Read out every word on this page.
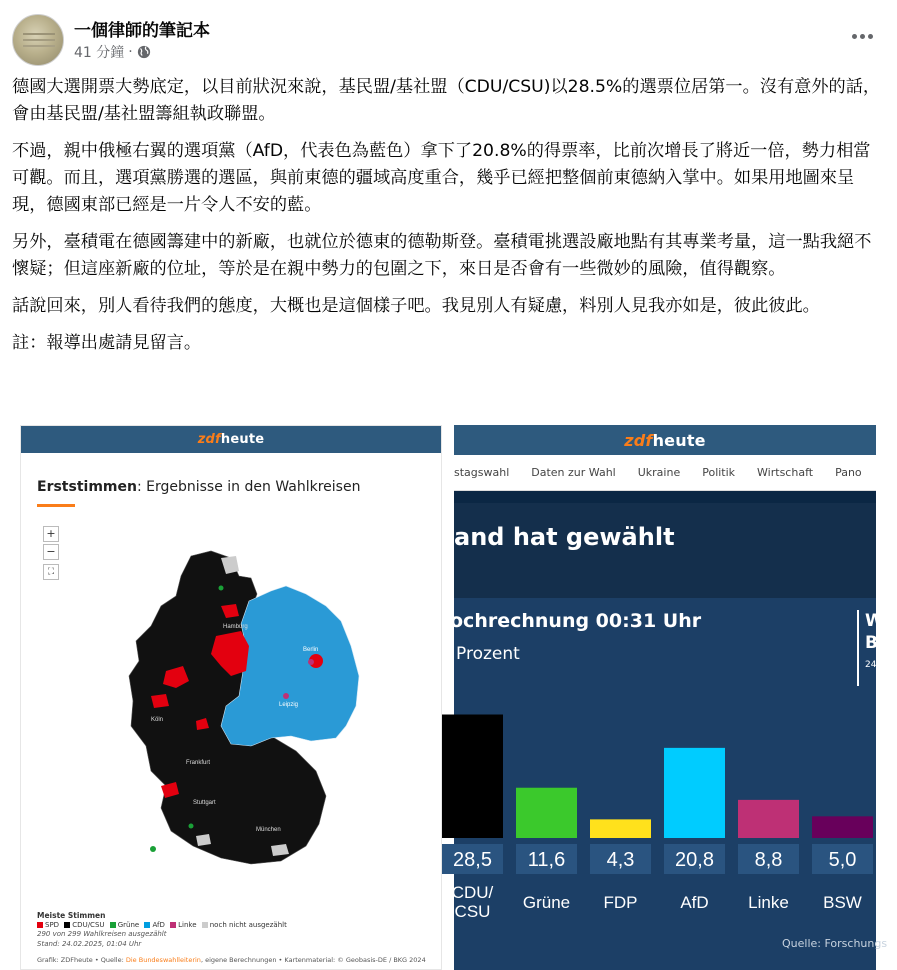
一個律師的筆記本
41 分鐘 ·

德國大選開票大勢底定，以目前狀況來說，基民盟/基社盟（CDU/CSU)以28.5%的選票位居第一。沒有意外的話，會由基民盟/基社盟籌組執政聯盟。

不過，親中俄極右翼的選項黨（AfD，代表色為藍色）拿下了20.8%的得票率，比前次增長了將近一倍，勢力相當可觀。而且，選項黨勝選的選區，與前東德的疆域高度重合，幾乎已經把整個前東德納入掌中。如果用地圖來呈現，德國東部已經是一片令人不安的藍。

另外，臺積電在德國籌建中的新廠，也就位於德東的德勒斯登。臺積電挑選設廠地點有其專業考量，這一點我絕不懷疑；但這座新廠的位址，等於是在親中勢力的包圍之下，來日是否會有一些微妙的風險，值得觀察。

話說回來，別人看待我們的態度，大概也是這個樣子吧。我見別人有疑慮，料別人見我亦如是，彼此彼此。

註：報導出處請見留言。

zdfheute
Erststimmen: Ergebnisse in den Wahlkreisen
+
−
⛶
Hamburg
Berlin
Leipzig
Köln
Frankfurt
Stuttgart
München
Meiste Stimmen
SPD CDU/CSU Grüne AfD Linke noch nicht ausgezählt
290 von 299 Wahlkreisen ausgezählt
Stand: 24.02.2025, 01:04 Uhr
Grafik: ZDFheute • Quelle: Die Bundeswahlleiterin, eigene Berechnungen • Kartenmaterial: © Geobasis-DE / BKG 2024
zdfheute
stagswahl Daten zur Wahl Ukraine Politik Wirtschaft Pano
and hat gewählt
ochrechnung 00:31 Uhr
Prozent
W
B
24.
28,5
CDU/ CSU
11,6
Grüne
4,3
FDP
20,8
AfD
8,8
Linke
5,0
BSW
Quelle: Forschungs
